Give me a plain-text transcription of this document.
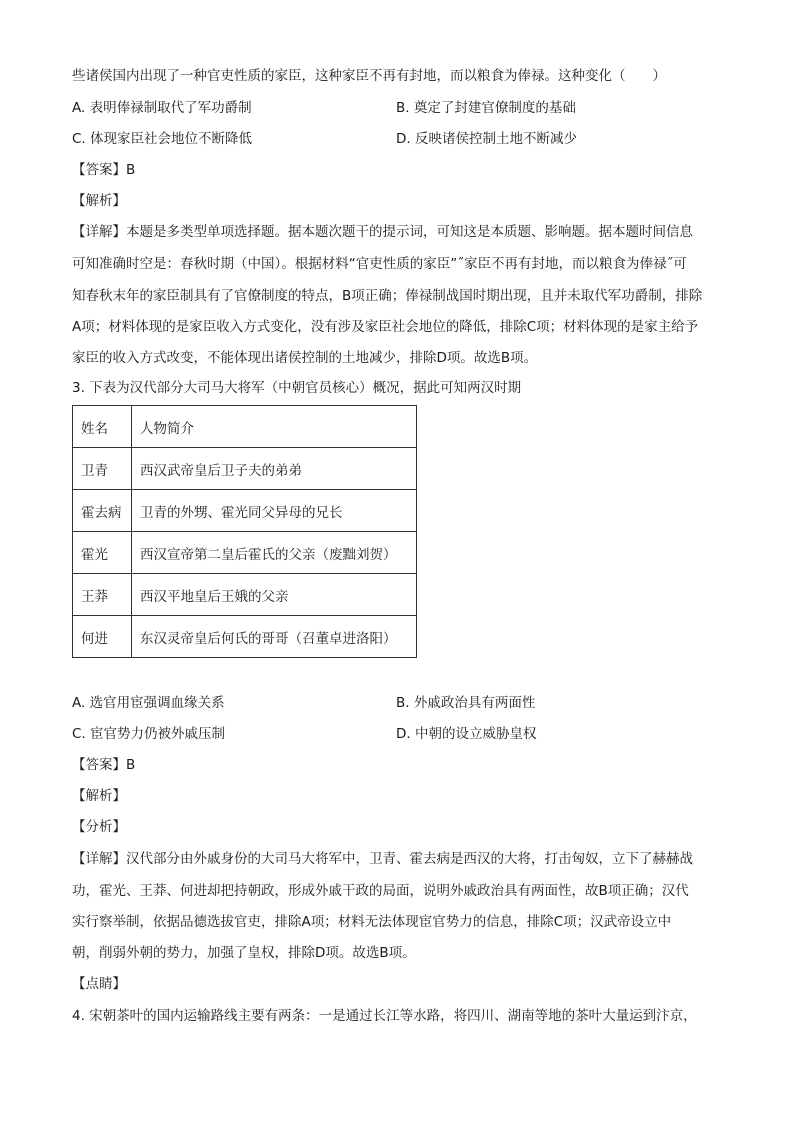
些诸侯国内出现了一种官吏性质的家臣，这种家臣不再有封地，而以粮食为俸禄。这种变化（　　）
A. 表明俸禄制取代了军功爵制	B. 奠定了封建官僚制度的基础
C. 体现家臣社会地位不断降低	D. 反映诸侯控制土地不断减少
【答案】B
【解析】
【详解】本题是多类型单项选择题。据本题次题干的提示词，可知这是本质题、影响题。据本题时间信息
可知准确时空是：春秋时期（中国）。根据材料“官吏性质的家臣”˝家臣不再有封地，而以粮食为俸禄˝可
知春秋末年的家臣制具有了官僚制度的特点，B项正确；俸禄制战国时期出现，且并未取代军功爵制，排除
A项；材料体现的是家臣收入方式变化，没有涉及家臣社会地位的降低，排除C项；材料体现的是家主给予
家臣的收入方式改变，不能体现出诸侯控制的土地减少，排除D项。故选B项。
3. 下表为汉代部分大司马大将军（中朝官员核心）概况，据此可知两汉时期
姓名	人物简介
卫青	西汉武帝皇后卫子夫的弟弟
霍去病	卫青的外甥、霍光同父异母的兄长
霍光	西汉宣帝第二皇后霍氏的父亲（废黜刘贺）
王莽	西汉平地皇后王娥的父亲
何进	东汉灵帝皇后何氏的哥哥（召董卓进洛阳）
A. 选官用宦强调血缘关系	B. 外戚政治具有两面性
C. 宦官势力仍被外戚压制	D. 中朝的设立威胁皇权
【答案】B
【解析】
【分析】
【详解】汉代部分由外戚身份的大司马大将军中，卫青、霍去病是西汉的大将，打击匈奴，立下了赫赫战
功，霍光、王莽、何进却把持朝政，形成外戚干政的局面，说明外戚政治具有两面性，故B项正确；汉代
实行察举制，依据品德选拔官吏，排除A项；材料无法体现宦官势力的信息，排除C项；汉武帝设立中
朝，削弱外朝的势力，加强了皇权，排除D项。故选B项。
【点睛】
4. 宋朝茶叶的国内运输路线主要有两条：一是通过长江等水路，将四川、湖南等地的茶叶大量运到汴京，
